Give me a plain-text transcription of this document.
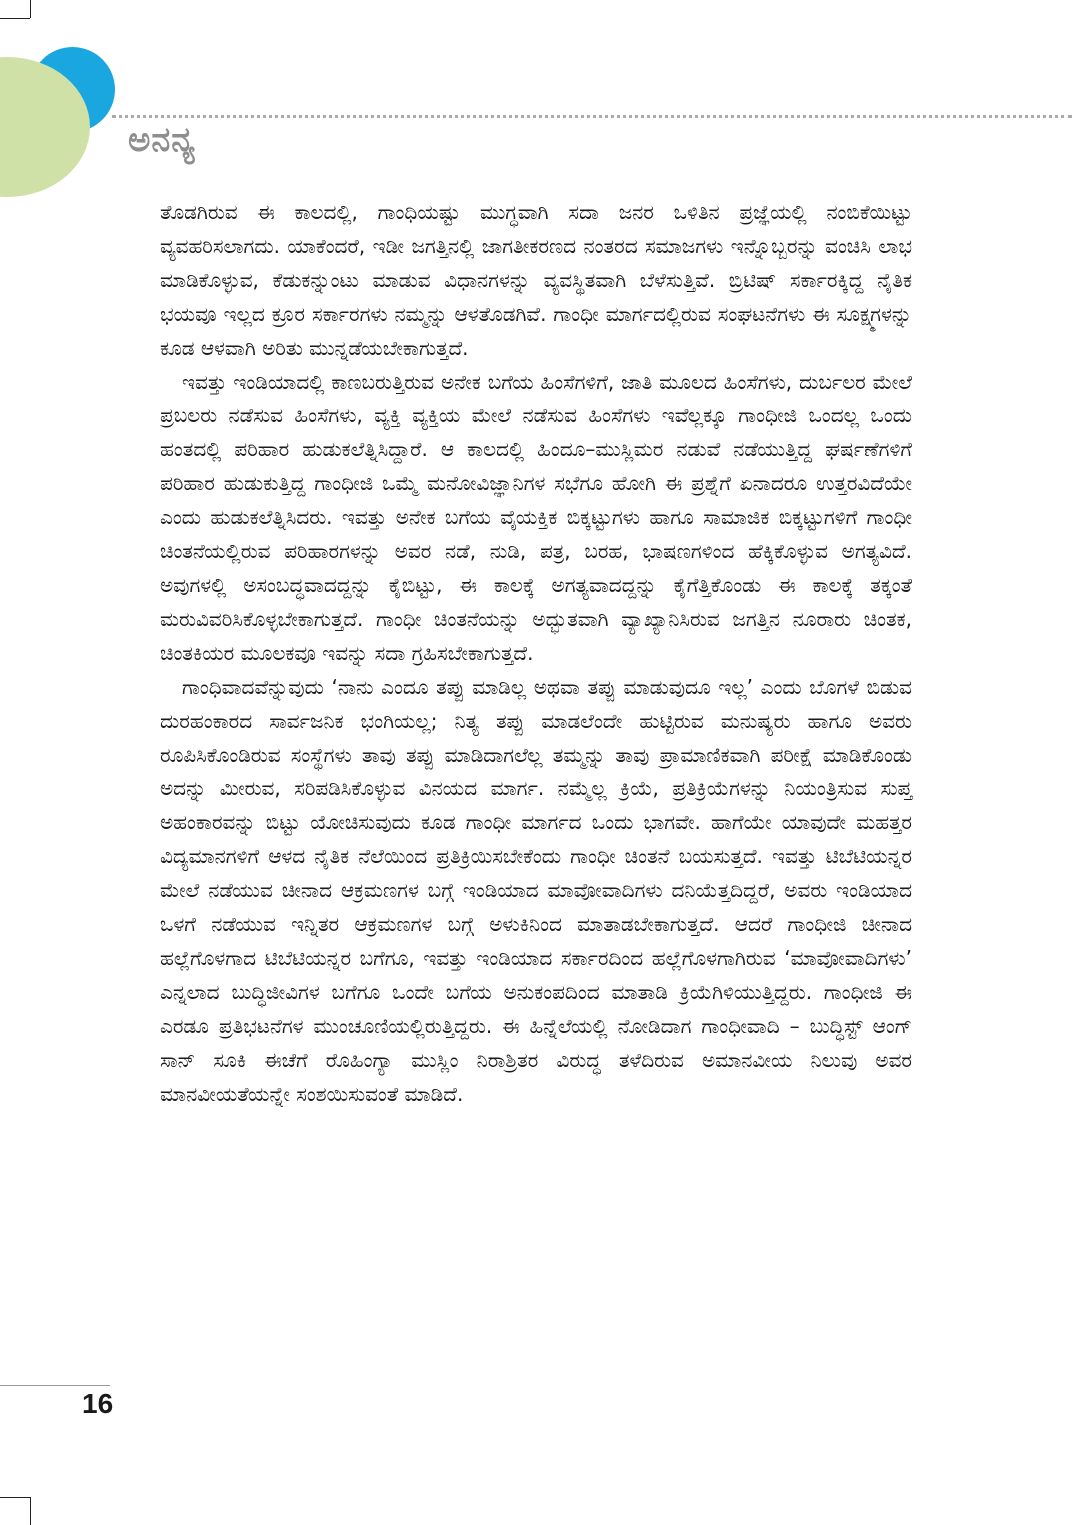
ಅನನ್ಯ

ತೊಡಗಿರುವ ಈ ಕಾಲದಲ್ಲಿ, ಗಾಂಧಿಯಷ್ಟು ಮುಗ್ಧವಾಗಿ ಸದಾ ಜನರ ಒಳಿತಿನ ಪ್ರಜ್ಞೆಯಲ್ಲಿ ನಂಬಿಕೆಯಿಟ್ಟು ವ್ಯವಹರಿಸಲಾಗದು. ಯಾಕೆಂದರೆ, ಇಡೀ ಜಗತ್ತಿನಲ್ಲಿ ಜಾಗತೀಕರಣದ ನಂತರದ ಸಮಾಜಗಳು ಇನ್ನೊಬ್ಬರನ್ನು ವಂಚಿಸಿ ಲಾಭ ಮಾಡಿಕೊಳ್ಳುವ, ಕೆಡುಕನ್ನುಂಟು ಮಾಡುವ ವಿಧಾನಗಳನ್ನು ವ್ಯವಸ್ಥಿತವಾಗಿ ಬೆಳೆಸುತ್ತಿವೆ. ಬ್ರಿಟಿಷ್ ಸರ್ಕಾರಕ್ಕಿದ್ದ ನೈತಿಕ ಭಯವೂ ಇಲ್ಲದ ಕ್ರೂರ ಸರ್ಕಾರಗಳು ನಮ್ಮನ್ನು ಆಳತೊಡಗಿವೆ. ಗಾಂಧೀ ಮಾರ್ಗದಲ್ಲಿರುವ ಸಂಘಟನೆಗಳು ಈ ಸೂಕ್ಷ್ಮಗಳನ್ನು ಕೂಡ ಆಳವಾಗಿ ಅರಿತು ಮುನ್ನಡೆಯಬೇಕಾಗುತ್ತದೆ.

ಇವತ್ತು ಇಂಡಿಯಾದಲ್ಲಿ ಕಾಣಬರುತ್ತಿರುವ ಅನೇಕ ಬಗೆಯ ಹಿಂಸೆಗಳಿಗೆ, ಜಾತಿ ಮೂಲದ ಹಿಂಸೆಗಳು, ದುರ್ಬಲರ ಮೇಲೆ ಪ್ರಬಲರು ನಡೆಸುವ ಹಿಂಸೆಗಳು, ವ್ಯಕ್ತಿ ವ್ಯಕ್ತಿಯ ಮೇಲೆ ನಡೆಸುವ ಹಿಂಸೆಗಳು ಇವೆಲ್ಲಕ್ಕೂ ಗಾಂಧೀಜಿ ಒಂದಲ್ಲ ಒಂದು ಹಂತದಲ್ಲಿ ಪರಿಹಾರ ಹುಡುಕಲೆತ್ನಿಸಿದ್ದಾರೆ. ಆ ಕಾಲದಲ್ಲಿ ಹಿಂದೂ–ಮುಸ್ಲಿಮರ ನಡುವೆ ನಡೆಯುತ್ತಿದ್ದ ಘರ್ಷಣೆಗಳಿಗೆ ಪರಿಹಾರ ಹುಡುಕುತ್ತಿದ್ದ ಗಾಂಧೀಜಿ ಒಮ್ಮೆ ಮನೋವಿಜ್ಞಾನಿಗಳ ಸಭೆಗೂ ಹೋಗಿ ಈ ಪ್ರಶ್ನೆಗೆ ಏನಾದರೂ ಉತ್ತರವಿದೆಯೇ ಎಂದು ಹುಡುಕಲೆತ್ನಿಸಿದರು. ಇವತ್ತು ಅನೇಕ ಬಗೆಯ ವೈಯಕ್ತಿಕ ಬಿಕ್ಕಟ್ಟುಗಳು ಹಾಗೂ ಸಾಮಾಜಿಕ ಬಿಕ್ಕಟ್ಟುಗಳಿಗೆ ಗಾಂಧೀ ಚಿಂತನೆಯಲ್ಲಿರುವ ಪರಿಹಾರಗಳನ್ನು ಅವರ ನಡೆ, ನುಡಿ, ಪತ್ರ, ಬರಹ, ಭಾಷಣಗಳಿಂದ ಹೆಕ್ಕಿಕೊಳ್ಳುವ ಅಗತ್ಯವಿದೆ. ಅವುಗಳಲ್ಲಿ ಅಸಂಬದ್ಧವಾದದ್ದನ್ನು ಕೈಬಿಟ್ಟು, ಈ ಕಾಲಕ್ಕೆ ಅಗತ್ಯವಾದದ್ದನ್ನು ಕೈಗೆತ್ತಿಕೊಂಡು ಈ ಕಾಲಕ್ಕೆ ತಕ್ಕಂತೆ ಮರುವಿವರಿಸಿಕೊಳ್ಳಬೇಕಾಗುತ್ತದೆ. ಗಾಂಧೀ ಚಿಂತನೆಯನ್ನು ಅದ್ಭುತವಾಗಿ ವ್ಯಾಖ್ಯಾನಿಸಿರುವ ಜಗತ್ತಿನ ನೂರಾರು ಚಿಂತಕ, ಚಿಂತಕಿಯರ ಮೂಲಕವೂ ಇವನ್ನು ಸದಾ ಗ್ರಹಿಸಬೇಕಾಗುತ್ತದೆ.

ಗಾಂಧಿವಾದವೆನ್ನುವುದು ‘ನಾನು ಎಂದೂ ತಪ್ಪು ಮಾಡಿಲ್ಲ ಅಥವಾ ತಪ್ಪು ಮಾಡುವುದೂ ಇಲ್ಲ’ ಎಂದು ಬೊಗಳೆ ಬಿಡುವ ದುರಹಂಕಾರದ ಸಾರ್ವಜನಿಕ ಭಂಗಿಯಲ್ಲ; ನಿತ್ಯ ತಪ್ಪು ಮಾಡಲೆಂದೇ ಹುಟ್ಟಿರುವ ಮನುಷ್ಯರು ಹಾಗೂ ಅವರು ರೂಪಿಸಿಕೊಂಡಿರುವ ಸಂಸ್ಥೆಗಳು ತಾವು ತಪ್ಪು ಮಾಡಿದಾಗಲೆಲ್ಲ ತಮ್ಮನ್ನು ತಾವು ಪ್ರಾಮಾಣಿಕವಾಗಿ ಪರೀಕ್ಷೆ ಮಾಡಿಕೊಂಡು ಅದನ್ನು ಮೀರುವ, ಸರಿಪಡಿಸಿಕೊಳ್ಳುವ ವಿನಯದ ಮಾರ್ಗ. ನಮ್ಮೆಲ್ಲ ಕ್ರಿಯೆ, ಪ್ರತಿಕ್ರಿಯೆಗಳನ್ನು ನಿಯಂತ್ರಿಸುವ ಸುಪ್ತ ಅಹಂಕಾರವನ್ನು ಬಿಟ್ಟು ಯೋಚಿಸುವುದು ಕೂಡ ಗಾಂಧೀ ಮಾರ್ಗದ ಒಂದು ಭಾಗವೇ. ಹಾಗೆಯೇ ಯಾವುದೇ ಮಹತ್ತರ ವಿದ್ಯಮಾನಗಳಿಗೆ ಆಳದ ನೈತಿಕ ನೆಲೆಯಿಂದ ಪ್ರತಿಕ್ರಿಯಿಸಬೇಕೆಂದು ಗಾಂಧೀ ಚಿಂತನೆ ಬಯಸುತ್ತದೆ. ಇವತ್ತು ಟಿಬೆಟಿಯನ್ನರ ಮೇಲೆ ನಡೆಯುವ ಚೀನಾದ ಆಕ್ರಮಣಗಳ ಬಗ್ಗೆ ಇಂಡಿಯಾದ ಮಾವೋವಾದಿಗಳು ದನಿಯೆತ್ತದಿದ್ದರೆ, ಅವರು ಇಂಡಿಯಾದ ಒಳಗೆ ನಡೆಯುವ ಇನ್ನಿತರ ಆಕ್ರಮಣಗಳ ಬಗ್ಗೆ ಅಳುಕಿನಿಂದ ಮಾತಾಡಬೇಕಾಗುತ್ತದೆ. ಆದರೆ ಗಾಂಧೀಜಿ ಚೀನಾದ ಹಲ್ಲೆಗೊಳಗಾದ ಟಿಬೆಟಿಯನ್ನರ ಬಗೆಗೂ, ಇವತ್ತು ಇಂಡಿಯಾದ ಸರ್ಕಾರದಿಂದ ಹಲ್ಲೆಗೊಳಗಾಗಿರುವ ‘ಮಾವೋವಾದಿಗಳು’ ಎನ್ನಲಾದ ಬುದ್ಧಿಜೀವಿಗಳ ಬಗೆಗೂ ಒಂದೇ ಬಗೆಯ ಅನುಕಂಪದಿಂದ ಮಾತಾಡಿ ಕ್ರಿಯೆಗಿಳಿಯುತ್ತಿದ್ದರು. ಗಾಂಧೀಜಿ ಈ ಎರಡೂ ಪ್ರತಿಭಟನೆಗಳ ಮುಂಚೂಣಿಯಲ್ಲಿರುತ್ತಿದ್ದರು. ಈ ಹಿನ್ನೆಲೆಯಲ್ಲಿ ನೋಡಿದಾಗ ಗಾಂಧೀವಾದಿ – ಬುದ್ಧಿಸ್ಟ್ ಆಂಗ್ ಸಾನ್ ಸೂಕಿ ಈಚೆಗೆ ರೊಹಿಂಗ್ಯಾ ಮುಸ್ಲಿಂ ನಿರಾಶ್ರಿತರ ವಿರುದ್ಧ ತಳೆದಿರುವ ಅಮಾನವೀಯ ನಿಲುವು ಅವರ ಮಾನವೀಯತೆಯನ್ನೇ ಸಂಶಯಿಸುವಂತೆ ಮಾಡಿದೆ.

16
